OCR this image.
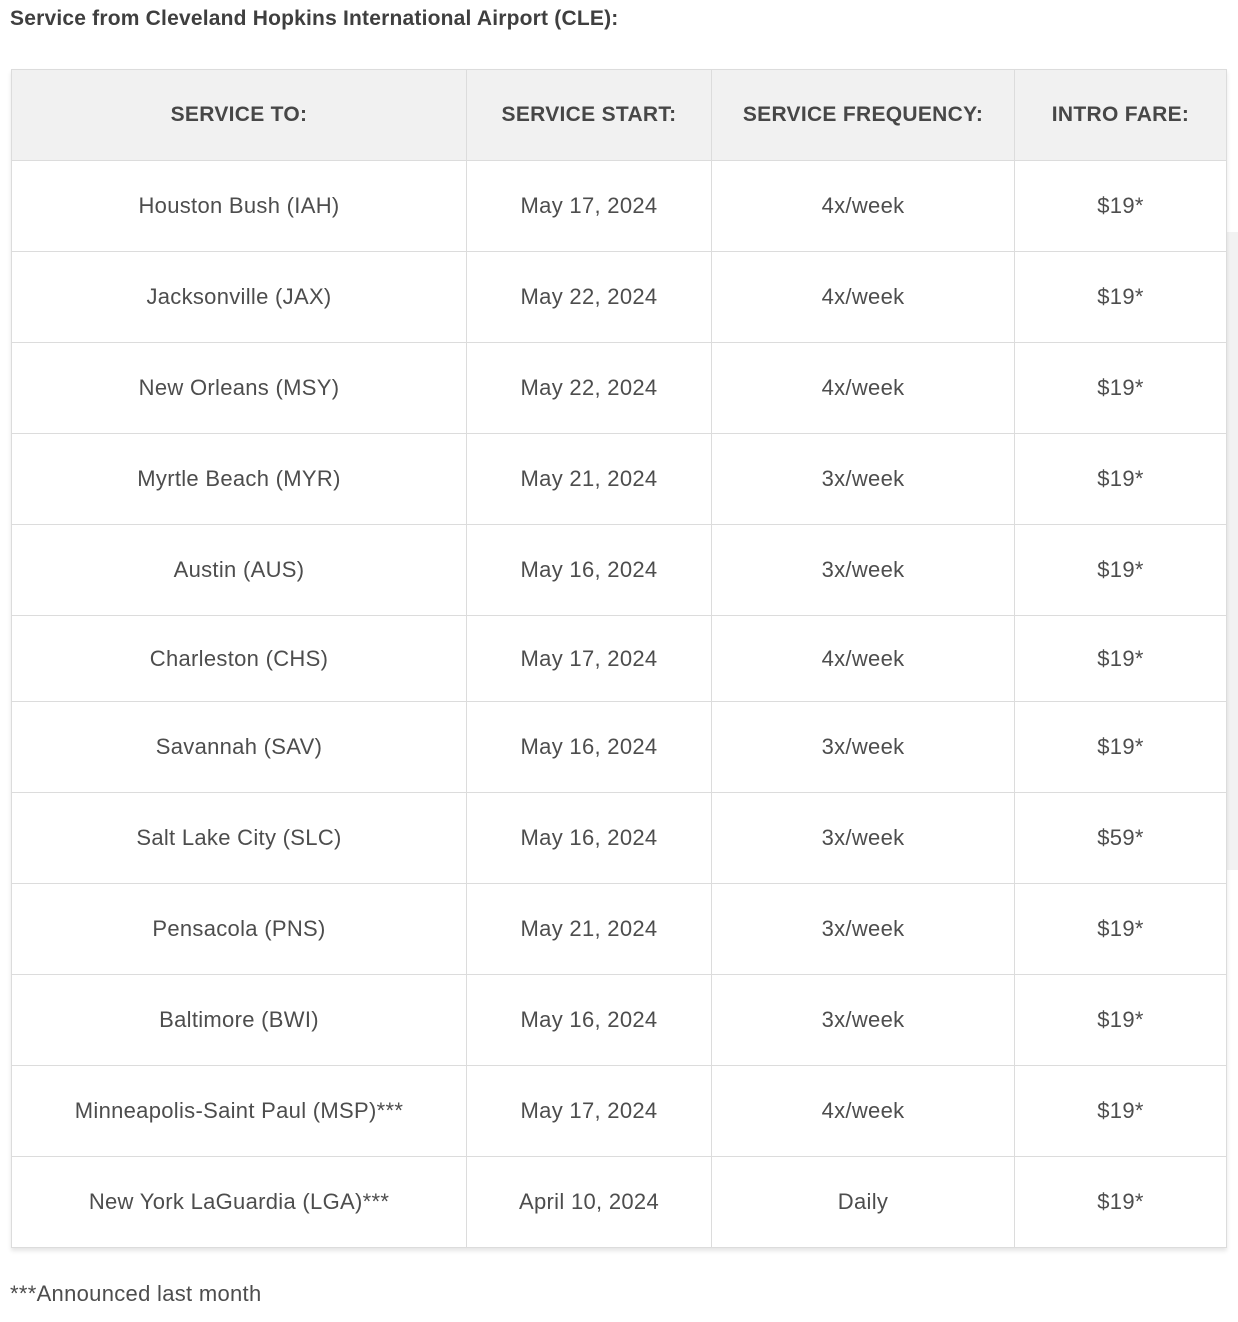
Service from Cleveland Hopkins International Airport (CLE):
SERVICE TO:	SERVICE START:	SERVICE FREQUENCY:	INTRO FARE:
Houston Bush (IAH)	May 17, 2024	4x/week	$19*
Jacksonville (JAX)	May 22, 2024	4x/week	$19*
New Orleans (MSY)	May 22, 2024	4x/week	$19*
Myrtle Beach (MYR)	May 21, 2024	3x/week	$19*
Austin (AUS)	May 16, 2024	3x/week	$19*
Charleston (CHS)	May 17, 2024	4x/week	$19*
Savannah (SAV)	May 16, 2024	3x/week	$19*
Salt Lake City (SLC)	May 16, 2024	3x/week	$59*
Pensacola (PNS)	May 21, 2024	3x/week	$19*
Baltimore (BWI)	May 16, 2024	3x/week	$19*
Minneapolis-Saint Paul (MSP)***	May 17, 2024	4x/week	$19*
New York LaGuardia (LGA)***	April 10, 2024	Daily	$19*
***Announced last month
